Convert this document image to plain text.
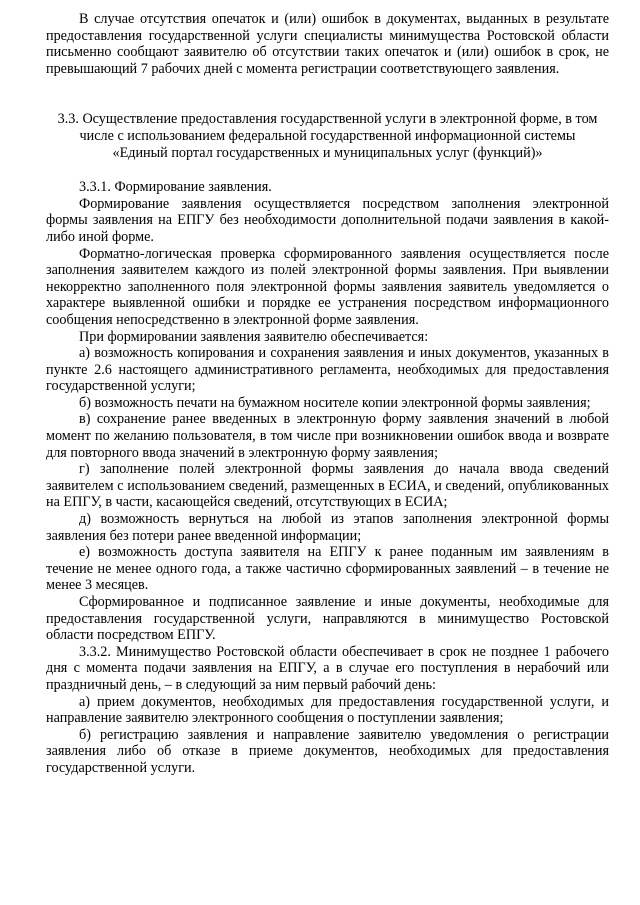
В случае отсутствия опечаток и (или) ошибок в документах, выданных в результате предоставления государственной услуги специалисты минимущества Ростовской области письменно сообщают заявителю об отсутствии таких опечаток и (или) ошибок в срок, не превышающий 7 рабочих дней с момента регистрации соответствующего заявления.

3.3. Осуществление предоставления государственной услуги в электронной форме, в том числе с использованием федеральной государственной информационной системы «Единый портал государственных и муниципальных услуг (функций)»

3.3.1. Формирование заявления.

Формирование заявления осуществляется посредством заполнения электронной формы заявления на ЕПГУ без необходимости дополнительной подачи заявления в какой-либо иной форме.

Форматно-логическая проверка сформированного заявления осуществляется после заполнения заявителем каждого из полей электронной формы заявления. При выявлении некорректно заполненного поля электронной формы заявления заявитель уведомляется о характере выявленной ошибки и порядке ее устранения посредством информационного сообщения непосредственно в электронной форме заявления.

При формировании заявления заявителю обеспечивается:

а) возможность копирования и сохранения заявления и иных документов, указанных в пункте 2.6 настоящего административного регламента, необходимых для предоставления государственной услуги;

б) возможность печати на бумажном носителе копии электронной формы заявления;

в) сохранение ранее введенных в электронную форму заявления значений в любой момент по желанию пользователя, в том числе при возникновении ошибок ввода и возврате для повторного ввода значений в электронную форму заявления;

г) заполнение полей электронной формы заявления до начала ввода сведений заявителем с использованием сведений, размещенных в ЕСИА, и сведений, опубликованных на ЕПГУ, в части, касающейся сведений, отсутствующих в ЕСИА;

д) возможность вернуться на любой из этапов заполнения электронной формы заявления без потери ранее введенной информации;

е) возможность доступа заявителя на ЕПГУ к ранее поданным им заявлениям в течение не менее одного года, а также частично сформированных заявлений – в течение не менее 3 месяцев.

Сформированное и подписанное заявление и иные документы, необходимые для предоставления государственной услуги, направляются в минимущество Ростовской области посредством ЕПГУ.

3.3.2. Минимущество Ростовской области обеспечивает в срок не позднее 1 рабочего дня с момента подачи заявления на ЕПГУ, а в случае его поступления в нерабочий или праздничный день, – в следующий за ним первый рабочий день:

а) прием документов, необходимых для предоставления государственной услуги, и направление заявителю электронного сообщения о поступлении заявления;

б) регистрацию заявления и направление заявителю уведомления о регистрации заявления либо об отказе в приеме документов, необходимых для предоставления государственной услуги.
